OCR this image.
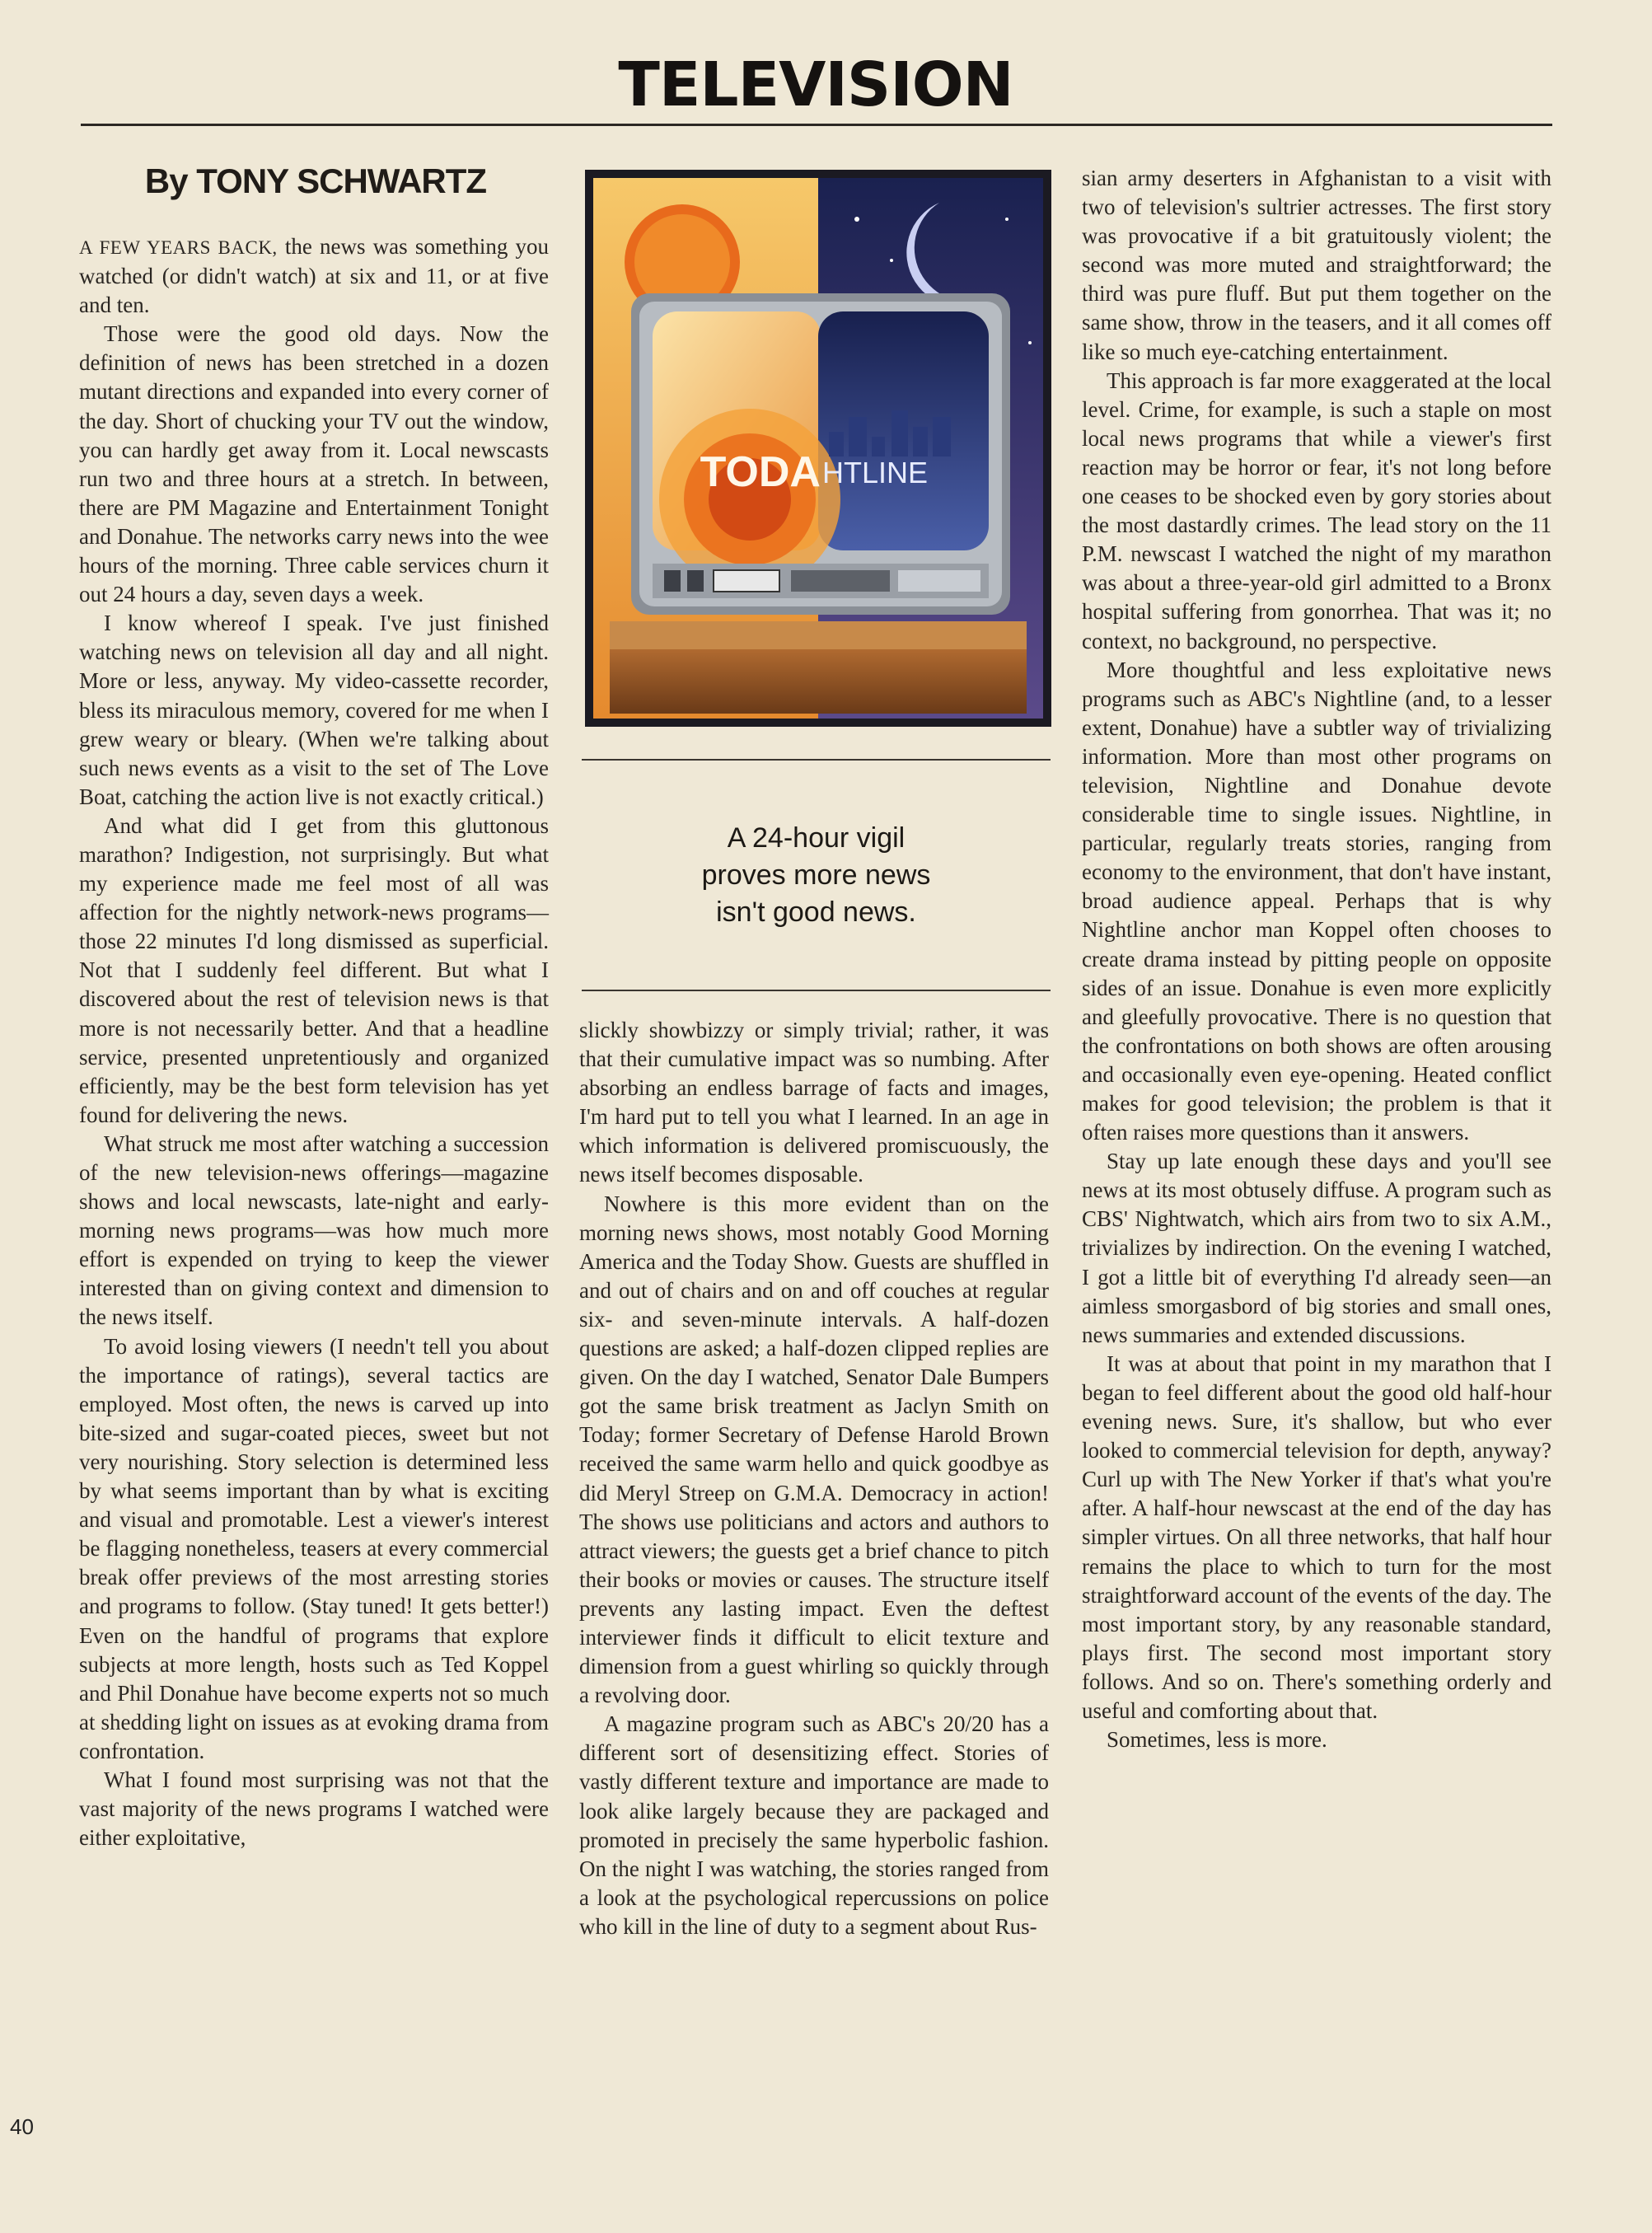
TELEVISION
By TONY SCHWARTZ

A FEW YEARS BACK, the news was something you watched (or didn't watch) at six and 11, or at five and ten.

Those were the good old days. Now the definition of news has been stretched in a dozen mutant directions and expanded into every corner of the day. Short of chucking your TV out the window, you can hardly get away from it. Local newscasts run two and three hours at a stretch. In between, there are PM Magazine and Entertainment Tonight and Donahue. The networks carry news into the wee hours of the morning. Three cable services churn it out 24 hours a day, seven days a week.

I know whereof I speak. I've just finished watching news on television all day and all night. More or less, anyway. My video-cassette recorder, bless its miraculous memory, covered for me when I grew weary or bleary. (When we're talking about such news events as a visit to the set of The Love Boat, catching the action live is not exactly critical.)

And what did I get from this gluttonous marathon? Indigestion, not surprisingly. But what my experience made me feel most of all was affection for the nightly network-news programs—those 22 minutes I'd long dismissed as superficial. Not that I suddenly feel different. But what I discovered about the rest of television news is that more is not necessarily better. And that a headline service, presented unpretentiously and organized efficiently, may be the best form television has yet found for delivering the news.

What struck me most after watching a succession of the new television-news offerings—magazine shows and local newscasts, late-night and early-morning news programs—was how much more effort is expended on trying to keep the viewer interested than on giving context and dimension to the news itself.

To avoid losing viewers (I needn't tell you about the importance of ratings), several tactics are employed. Most often, the news is carved up into bite-sized and sugar-coated pieces, sweet but not very nourishing. Story selection is determined less by what seems important than by what is exciting and visual and promotable. Lest a viewer's interest be flagging nonetheless, teasers at every commercial break offer previews of the most arresting stories and programs to follow. (Stay tuned! It gets better!) Even on the handful of programs that explore subjects at more length, hosts such as Ted Koppel and Phil Donahue have become experts not so much at shedding light on issues as at evoking drama from confrontation.

What I found most surprising was not that the vast majority of the news programs I watched were either exploitative,

TODA HTLINE
A 24-hour vigil
proves more news
isn't good news.

slickly showbizzy or simply trivial; rather, it was that their cumulative impact was so numbing. After absorbing an endless barrage of facts and images, I'm hard put to tell you what I learned. In an age in which information is delivered promiscuously, the news itself becomes disposable.

Nowhere is this more evident than on the morning news shows, most notably Good Morning America and the Today Show. Guests are shuffled in and out of chairs and on and off couches at regular six- and seven-minute intervals. A half-dozen questions are asked; a half-dozen clipped replies are given. On the day I watched, Senator Dale Bumpers got the same brisk treatment as Jaclyn Smith on Today; former Secretary of Defense Harold Brown received the same warm hello and quick goodbye as did Meryl Streep on G.M.A. Democracy in action! The shows use politicians and actors and authors to attract viewers; the guests get a brief chance to pitch their books or movies or causes. The structure itself prevents any lasting impact. Even the deftest interviewer finds it difficult to elicit texture and dimension from a guest whirling so quickly through a revolving door.

A magazine program such as ABC's 20/20 has a different sort of desensitizing effect. Stories of vastly different texture and importance are made to look alike largely because they are packaged and promoted in precisely the same hyperbolic fashion. On the night I was watching, the stories ranged from a look at the psychological repercussions on police who kill in the line of duty to a segment about Rus-

sian army deserters in Afghanistan to a visit with two of television's sultrier actresses. The first story was provocative if a bit gratuitously violent; the second was more muted and straightforward; the third was pure fluff. But put them together on the same show, throw in the teasers, and it all comes off like so much eye-catching entertainment.

This approach is far more exaggerated at the local level. Crime, for example, is such a staple on most local news programs that while a viewer's first reaction may be horror or fear, it's not long before one ceases to be shocked even by gory stories about the most dastardly crimes. The lead story on the 11 P.M. newscast I watched the night of my marathon was about a three-year-old girl admitted to a Bronx hospital suffering from gonorrhea. That was it; no context, no background, no perspective.

More thoughtful and less exploitative news programs such as ABC's Nightline (and, to a lesser extent, Donahue) have a subtler way of trivializing information. More than most other programs on television, Nightline and Donahue devote considerable time to single issues. Nightline, in particular, regularly treats stories, ranging from economy to the environment, that don't have instant, broad audience appeal. Perhaps that is why Nightline anchor man Koppel often chooses to create drama instead by pitting people on opposite sides of an issue. Donahue is even more explicitly and gleefully provocative. There is no question that the confrontations on both shows are often arousing and occasionally even eye-opening. Heated conflict makes for good television; the problem is that it often raises more questions than it answers.

Stay up late enough these days and you'll see news at its most obtusely diffuse. A program such as CBS' Nightwatch, which airs from two to six A.M., trivializes by indirection. On the evening I watched, I got a little bit of everything I'd already seen—an aimless smorgasbord of big stories and small ones, news summaries and extended discussions.

It was at about that point in my marathon that I began to feel different about the good old half-hour evening news. Sure, it's shallow, but who ever looked to commercial television for depth, anyway? Curl up with The New Yorker if that's what you're after. A half-hour newscast at the end of the day has simpler virtues. On all three networks, that half hour remains the place to which to turn for the most straightforward account of the events of the day. The most important story, by any reasonable standard, plays first. The second most important story follows. And so on. There's something orderly and useful and comforting about that.

Sometimes, less is more.

40
